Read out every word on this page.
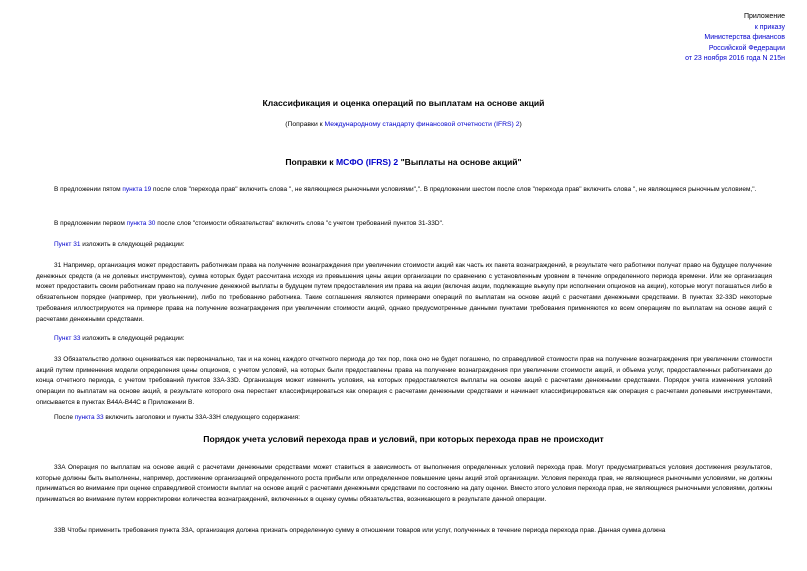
Приложение
к приказу
Министерства финансов
Российской Федерации
от 23 ноября 2016 года N 215н
Классификация и оценка операций по выплатам на основе акций
(Поправки к Международному стандарту финансовой отчетности (IFRS) 2)
Поправки к МСФО (IFRS) 2 "Выплаты на основе акций"
В предложении пятом пункта 19 после слов "перехода прав" включить слова ", не являющиеся рыночными условиями",". В предложении шестом после слов "перехода прав" включить слова ", не являющиеся рыночным условием,".
В предложении первом пункта 30 после слов "стоимости обязательства" включить слова "с учетом требований пунктов 31-33D".
Пункт 31 изложить в следующей редакции:
31 Например, организация может предоставить работникам права на получение вознаграждения при увеличении стоимости акций как часть их пакета вознаграждений, в результате чего работники получат право на будущее получение денежных средств (а не долевых инструментов), сумма которых будет рассчитана исходя из превышения цены акции организации по сравнению с установленным уровнем в течение определенного периода времени. Или же организация может предоставить своим работникам право на получение денежной выплаты в будущем путем предоставления им права на акции (включая акции, подлежащие выкупу при исполнении опционов на акции), которые могут погашаться либо в обязательном порядке (например, при увольнении), либо по требованию работника. Такие соглашения являются примерами операций по выплатам на основе акций с расчетами денежными средствами. В пунктах 32-33D некоторые требования иллюстрируются на примере права на получение вознаграждения при увеличении стоимости акций, однако предусмотренные данными пунктами требования применяются ко всем операциям по выплатам на основе акций с расчетами денежными средствами.
Пункт 33 изложить в следующей редакции:
33 Обязательство должно оцениваться как первоначально, так и на конец каждого отчетного периода до тех пор, пока оно не будет погашено, по справедливой стоимости прав на получение вознаграждения при увеличении стоимости акций путем применения модели определения цены опционов, с учетом условий, на которых были предоставлены права на получение вознаграждения при увеличении стоимости акций, и объема услуг, предоставленных работниками до конца отчетного периода, с учетом требований пунктов 33A-33D. Организация может изменить условия, на которых предоставляются выплаты на основе акций с расчетами денежными средствами. Порядок учета изменения условий операции по выплатам на основе акций, в результате которого она перестает классифицироваться как операция с расчетами денежными средствами и начинает классифицироваться как операция с расчетами долевыми инструментами, описывается в пунктах B44A-B44C в Приложении B.
После пункта 33 включить заголовки и пункты 33A-33H следующего содержания:
Порядок учета условий перехода прав и условий, при которых перехода прав не происходит
33A Операция по выплатам на основе акций с расчетами денежными средствами может ставиться в зависимость от выполнения определенных условий перехода прав. Могут предусматриваться условия достижения результатов, которые должны быть выполнены, например, достижение организацией определенного роста прибыли или определенное повышение цены акций этой организации. Условия перехода прав, не являющиеся рыночными условиями, не должны приниматься во внимание при оценке справедливой стоимости выплат на основе акций с расчетами денежными средствами по состоянию на дату оценки. Вместо этого условия перехода прав, не являющиеся рыночными условиями, должны приниматься во внимание путем корректировки количества вознаграждений, включенных в оценку суммы обязательства, возникающего в результате данной операции.
33B Чтобы применить требования пункта 33A, организация должна признать определенную сумму в отношении товаров или услуг, полученных в течение периода перехода прав. Данная сумма должна
